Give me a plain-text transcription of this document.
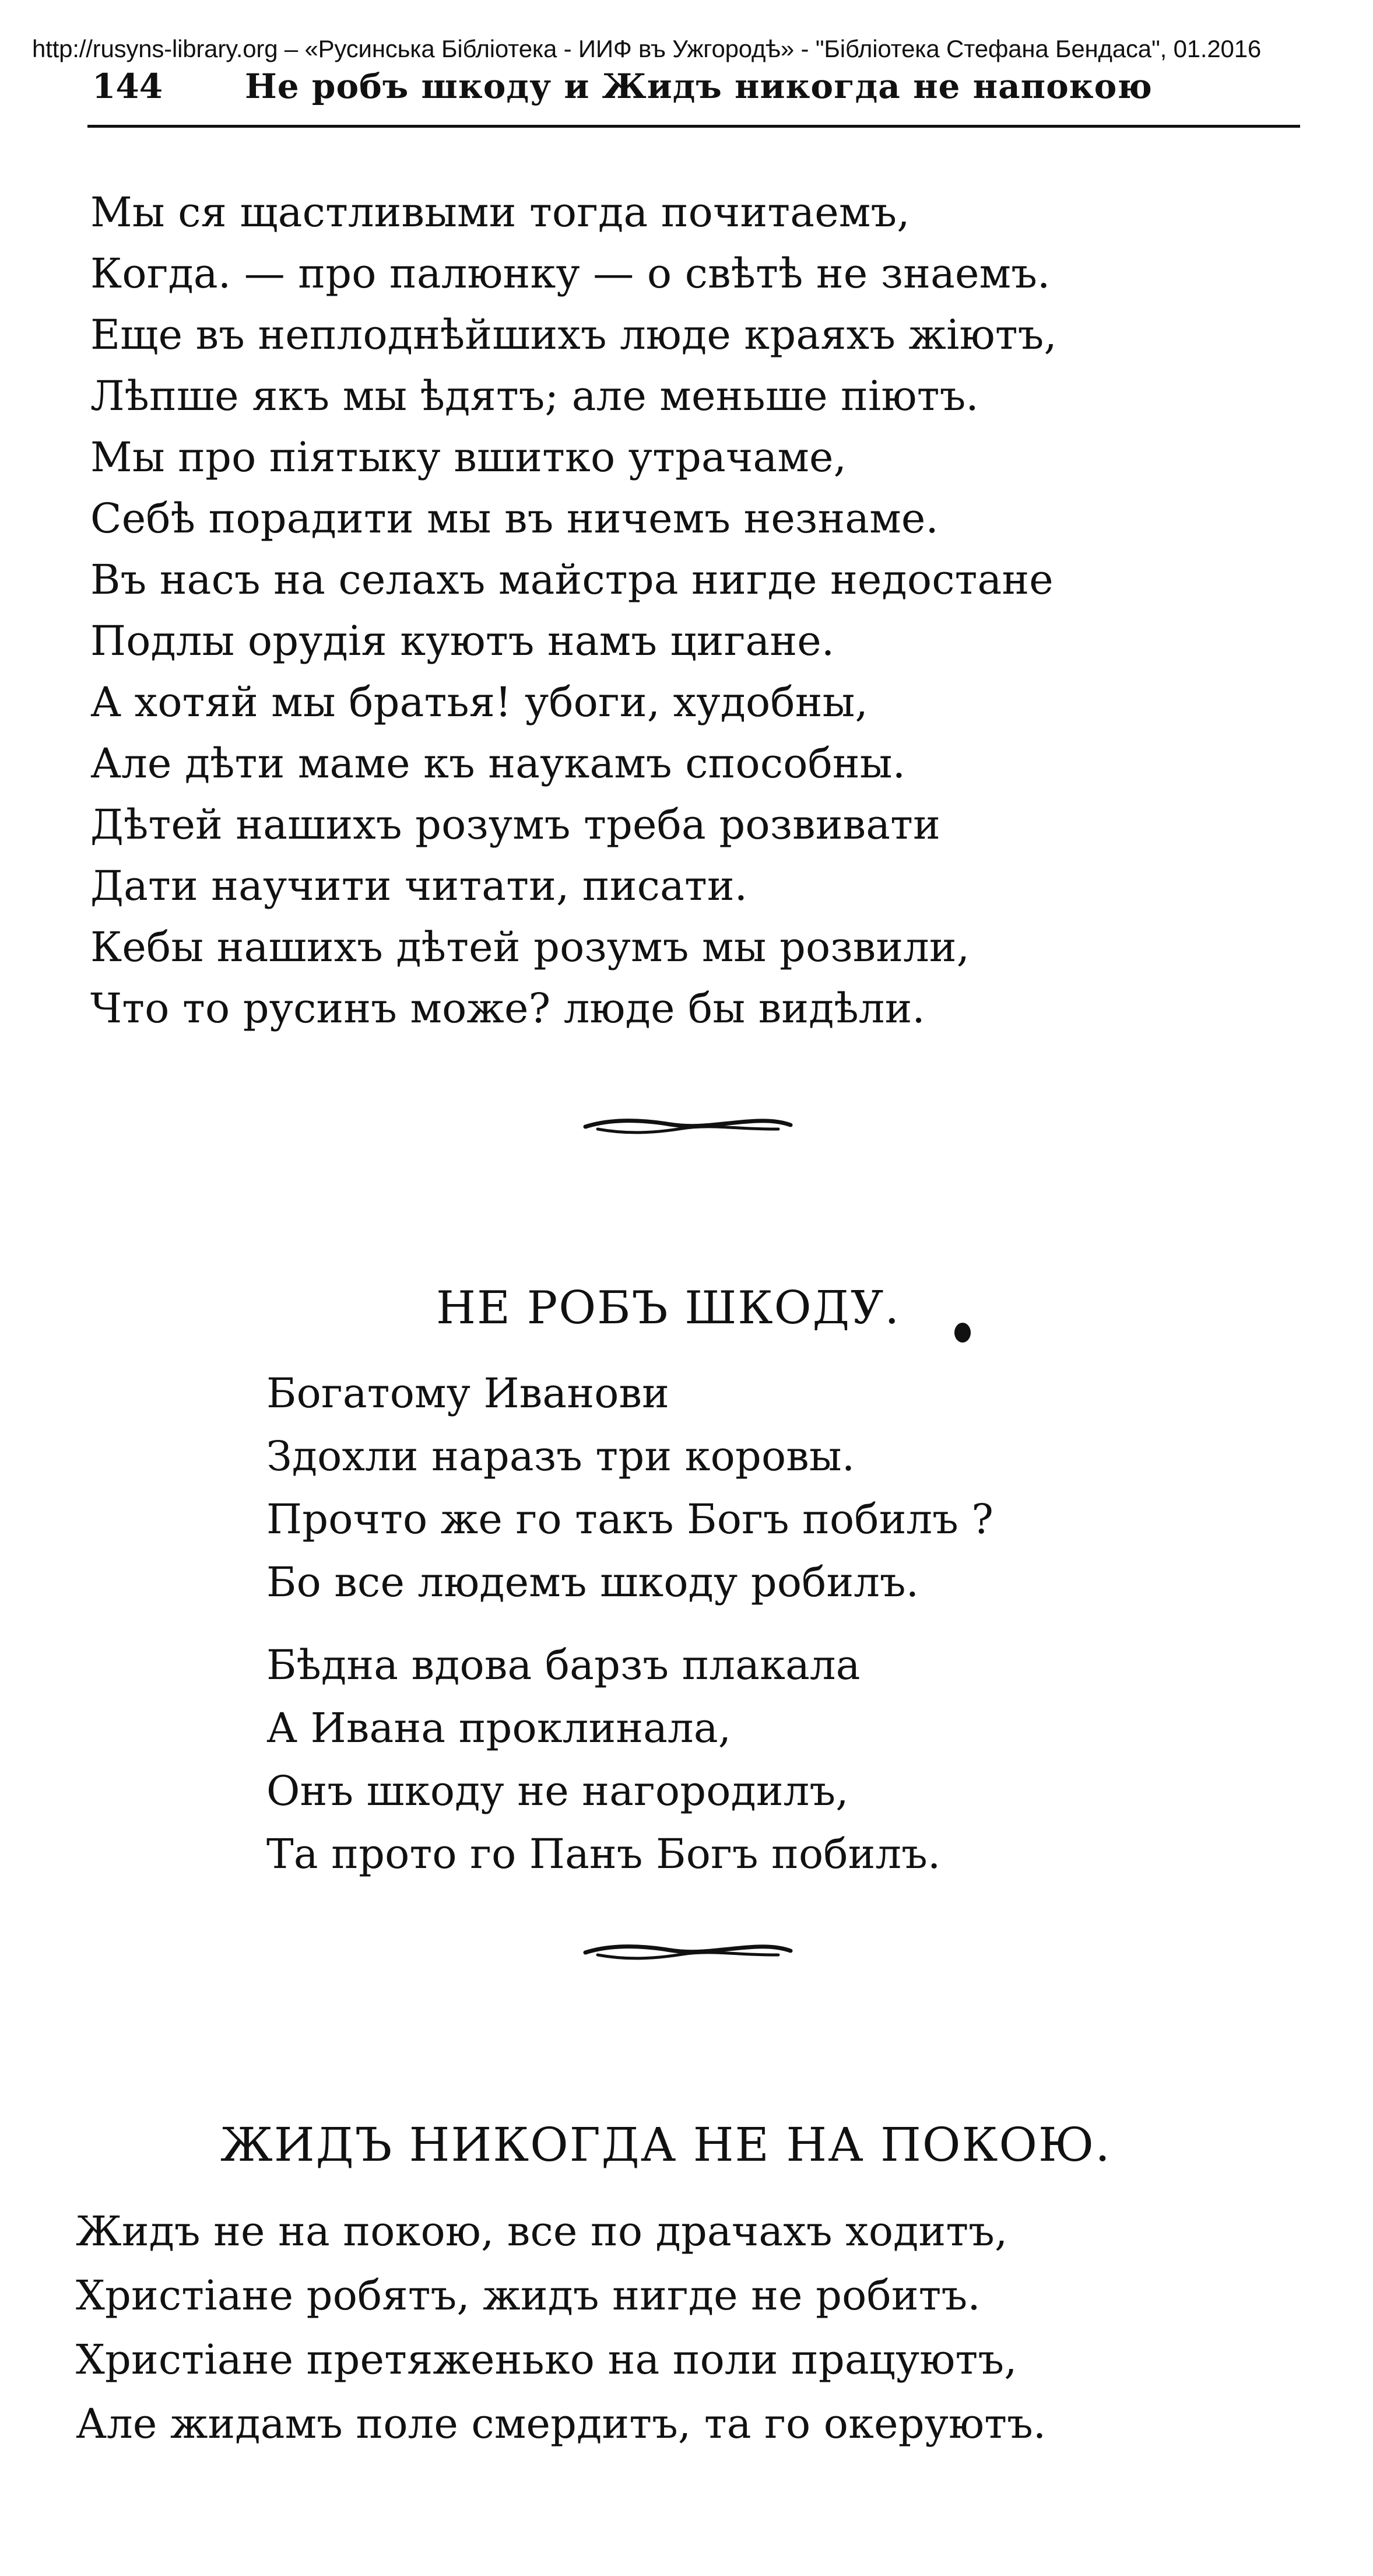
http://rusyns-library.org – «Русинська Бібліотека - ИИФ въ Ужгородѣ» - "Бібліотека Стефана Бендаса", 01.2016
144 Не робъ шкоду и Жидъ никогда не напокою

Мы ся щастливыми тогда почитаемъ,

Когда. — про палюнку — о свѣтѣ не знаемъ.

Еще въ неплоднѣйшихъ люде краяхъ жіютъ,

Лѣпше якъ мы ѣдятъ; але меньше піютъ.

Мы про піятыку вшитко утрачаме,

Себѣ порадити мы въ ничемъ незнаме.

Въ насъ на селахъ майстра нигде недостане

Подлы орудія куютъ намъ цигане.

А хотяй мы братья! убоги, худобны,

Але дѣти маме къ наукамъ способны.

Дѣтей нашихъ розумъ треба розвивати

Дати научити читати, писати.

Кебы нашихъ дѣтей розумъ мы розвили,

Что то русинъ може? люде бы видѣли.

НЕ РОБЪ ШКОДУ.

Богатому Иванови

Здохли наразъ три коровы.

Прочто же го такъ Богъ побилъ ?

Бо все людемъ шкоду робилъ.

Бѣдна вдова барзъ плакала

А Ивана проклинала,

Онъ шкоду не нагородилъ,

Та прото го Панъ Богъ побилъ.

ЖИДЪ НИКОГДА НЕ НА ПОКОЮ.

Жидъ не на покою, все по драчахъ ходитъ,

Христіане робятъ, жидъ нигде не робитъ.

Христіане претяженько на поли працуютъ,

Але жидамъ поле смердитъ, та го океруютъ.
